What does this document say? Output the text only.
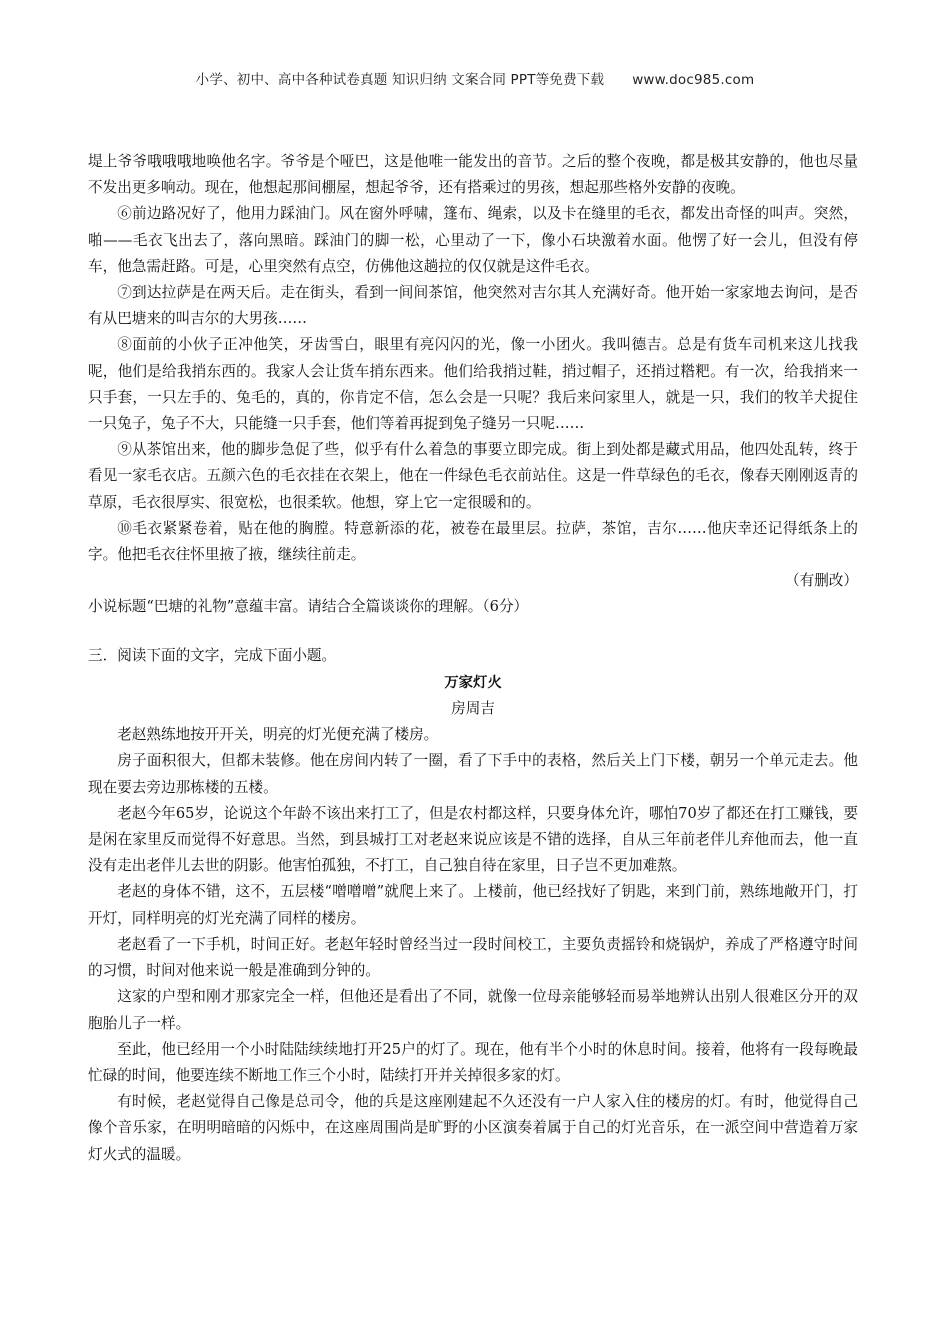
小学、初中、高中各种试卷真题 知识归纳 文案合同 PPT等免费下载 www.doc985.com

堤上爷爷哦哦哦地唤他名字。爷爷是个哑巴，这是他唯一能发出的音节。之后的整个夜晚，都是极其安静的，他也尽量不发出更多响动。现在，他想起那间棚屋，想起爷爷，还有搭乘过的男孩，想起那些格外安静的夜晚。

⑥前边路况好了，他用力踩油门。风在窗外呼啸，篷布、绳索，以及卡在缝里的毛衣，都发出奇怪的叫声。突然，啪——毛衣飞出去了，落向黑暗。踩油门的脚一松，心里动了一下，像小石块激着水面。他愣了好一会儿，但没有停车，他急需赶路。可是，心里突然有点空，仿佛他这趟拉的仅仅就是这件毛衣。

⑦到达拉萨是在两天后。走在街头，看到一间间茶馆，他突然对吉尔其人充满好奇。他开始一家家地去询问，是否有从巴塘来的叫吉尔的大男孩……

⑧面前的小伙子正冲他笑，牙齿雪白，眼里有亮闪闪的光，像一小团火。我叫德吉。总是有货车司机来这儿找我呢，他们是给我捎东西的。我家人会让货车捎东西来。他们给我捎过鞋，捎过帽子，还捎过糌粑。有一次，给我捎来一只手套，一只左手的、兔毛的，真的，你肯定不信，怎么会是一只呢？我后来问家里人，就是一只，我们的牧羊犬捉住一只兔子，兔子不大，只能缝一只手套，他们等着再捉到兔子缝另一只呢……

⑨从茶馆出来，他的脚步急促了些，似乎有什么着急的事要立即完成。街上到处都是藏式用品，他四处乱转，终于看见一家毛衣店。五颜六色的毛衣挂在衣架上，他在一件绿色毛衣前站住。这是一件草绿色的毛衣，像春天刚刚返青的草原，毛衣很厚实、很宽松，也很柔软。他想，穿上它一定很暖和的。

⑩毛衣紧紧卷着，贴在他的胸膛。特意新添的花，被卷在最里层。拉萨，茶馆，吉尔……他庆幸还记得纸条上的字。他把毛衣往怀里掖了掖，继续往前走。

（有删改）

小说标题“巴塘的礼物”意蕴丰富。请结合全篇谈谈你的理解。（6分）

三．阅读下面的文字，完成下面小题。

万家灯火

房周吉

老赵熟练地按开开关，明亮的灯光便充满了楼房。

房子面积很大，但都未装修。他在房间内转了一圈，看了下手中的表格，然后关上门下楼，朝另一个单元走去。他现在要去旁边那栋楼的五楼。

老赵今年65岁，论说这个年龄不该出来打工了，但是农村都这样，只要身体允许，哪怕70岁了都还在打工赚钱，要是闲在家里反而觉得不好意思。当然，到县城打工对老赵来说应该是不错的选择，自从三年前老伴儿弃他而去，他一直没有走出老伴儿去世的阴影。他害怕孤独，不打工，自己独自待在家里，日子岂不更加难熬。

老赵的身体不错，这不，五层楼“噌噌噌”就爬上来了。上楼前，他已经找好了钥匙，来到门前，熟练地敞开门，打开灯，同样明亮的灯光充满了同样的楼房。

老赵看了一下手机，时间正好。老赵年轻时曾经当过一段时间校工，主要负责摇铃和烧锅炉，养成了严格遵守时间的习惯，时间对他来说一般是准确到分钟的。

这家的户型和刚才那家完全一样，但他还是看出了不同，就像一位母亲能够轻而易举地辨认出别人很难区分开的双胞胎儿子一样。

至此，他已经用一个小时陆陆续续地打开25户的灯了。现在，他有半个小时的休息时间。接着，他将有一段每晚最忙碌的时间，他要连续不断地工作三个小时，陆续打开并关掉很多家的灯。

有时候，老赵觉得自己像是总司令，他的兵是这座刚建起不久还没有一户人家入住的楼房的灯。有时，他觉得自己像个音乐家，在明明暗暗的闪烁中，在这座周围尚是旷野的小区演奏着属于自己的灯光音乐，在一派空间中营造着万家灯火式的温暖。
